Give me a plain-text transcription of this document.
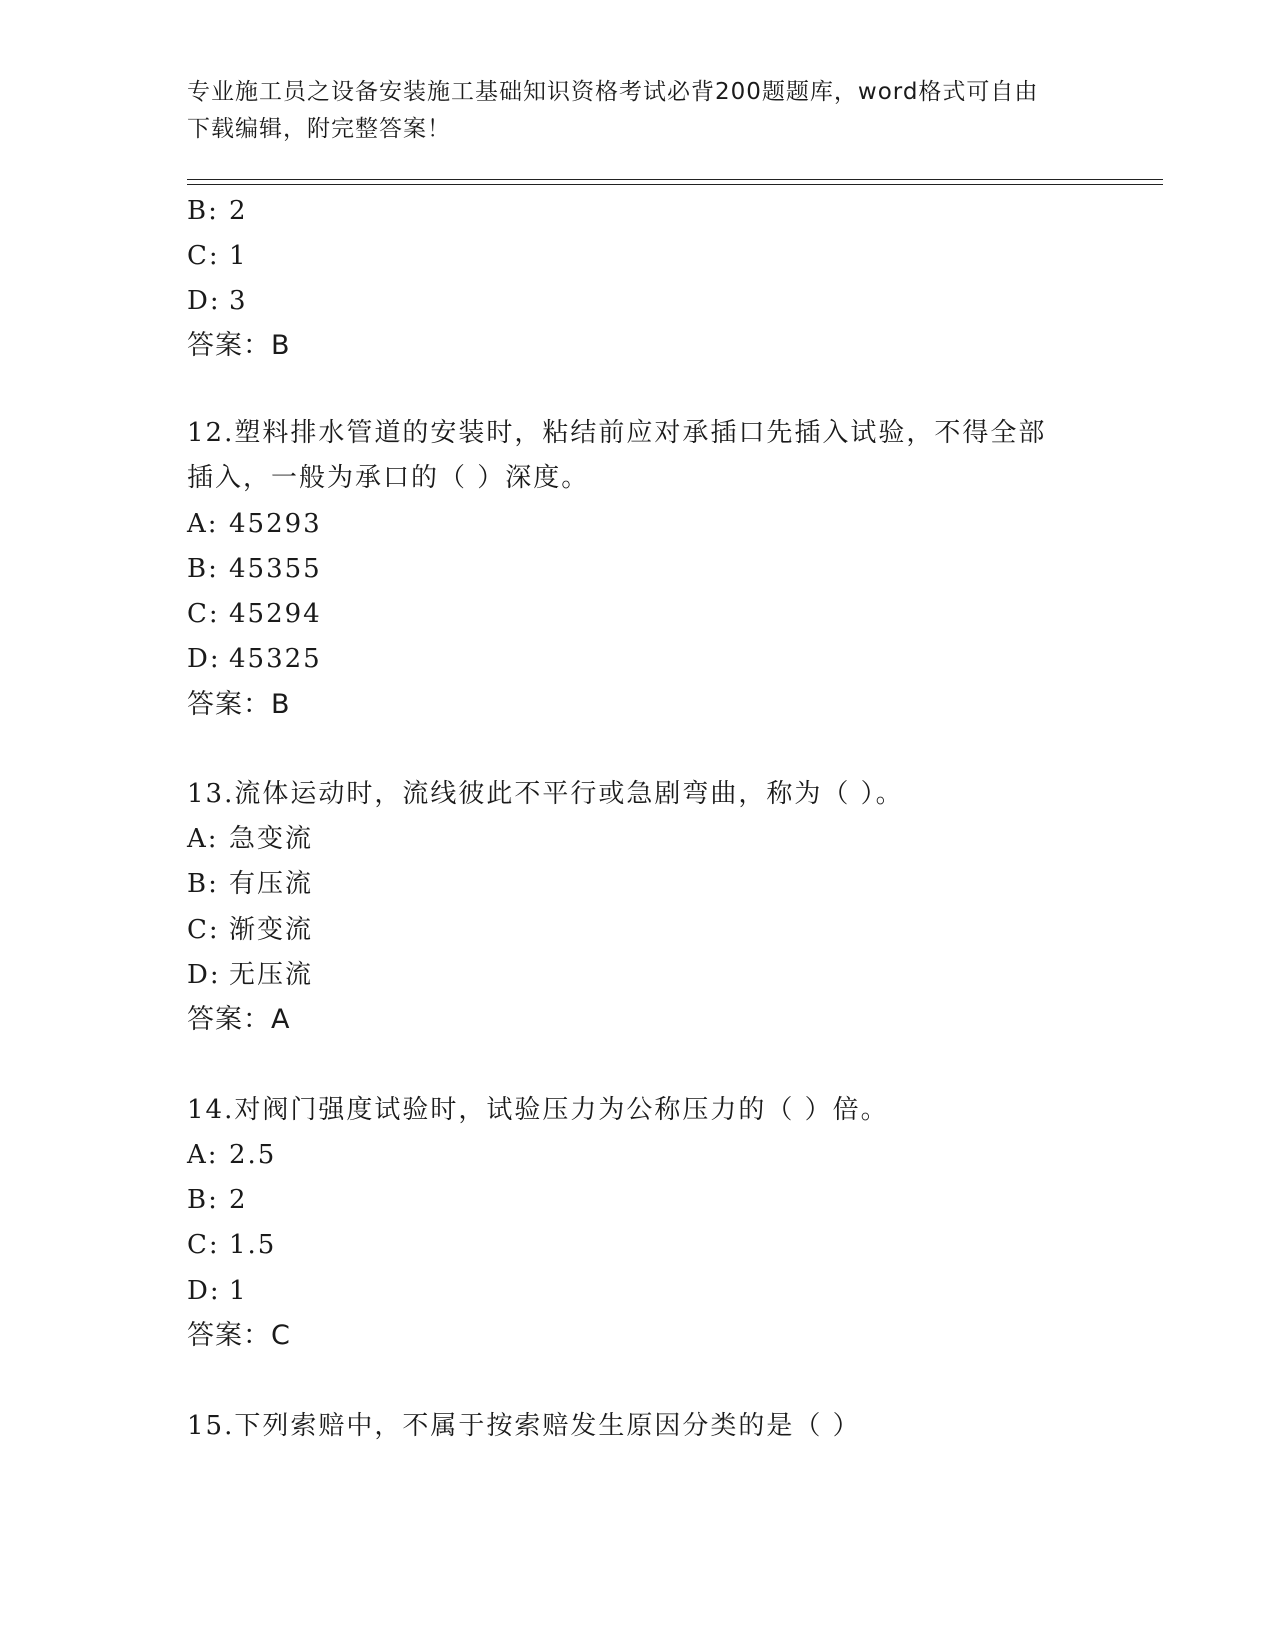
专业施工员之设备安装施工基础知识资格考试必背200题题库，word格式可自由
下载编辑，附完整答案！
B: 2
C: 1
D: 3
答案：B
12.塑料排水管道的安装时，粘结前应对承插口先插入试验，不得全部
插入，一般为承口的（ ）深度。
A: 45293
B: 45355
C: 45294
D: 45325
答案：B
13.流体运动时，流线彼此不平行或急剧弯曲，称为（ ）。
A: 急变流
B: 有压流
C: 渐变流
D: 无压流
答案：A
14.对阀门强度试验时，试验压力为公称压力的（ ）倍。
A: 2.5
B: 2
C: 1.5
D: 1
答案：C
15.下列索赔中，不属于按索赔发生原因分类的是（ ）
